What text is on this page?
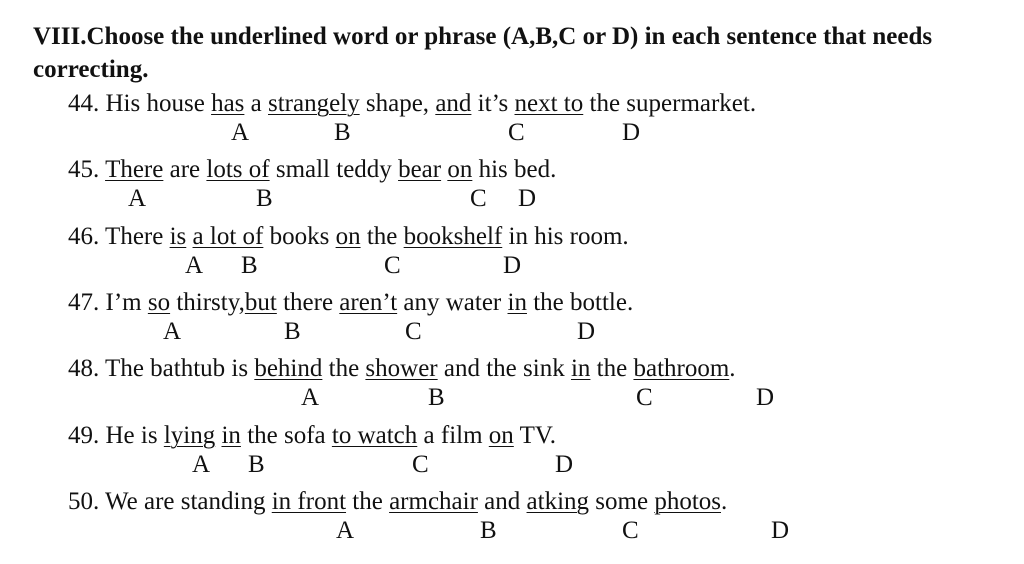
VIII.Choose the underlined word or phrase (A,B,C or D) in each sentence that needs correcting.
44. His house has a strangely shape, and it’s next to the supermarket.
A	B	C	D
45. There are lots of small teddy bear on his bed.
A	B	C D
46. There is a lot of books on the bookshelf in his room.
A B	C	D
47. I’m so thirsty,but there aren’t any water in the bottle.
A	B	C	D
48. The bathtub is behind the shower and the sink in the bathroom.
A	B	C	D
49. He is lying in the sofa to watch a film on TV.
A B	C	D
50. We are standing in front the armchair and atking some photos.
A	B	C	D
